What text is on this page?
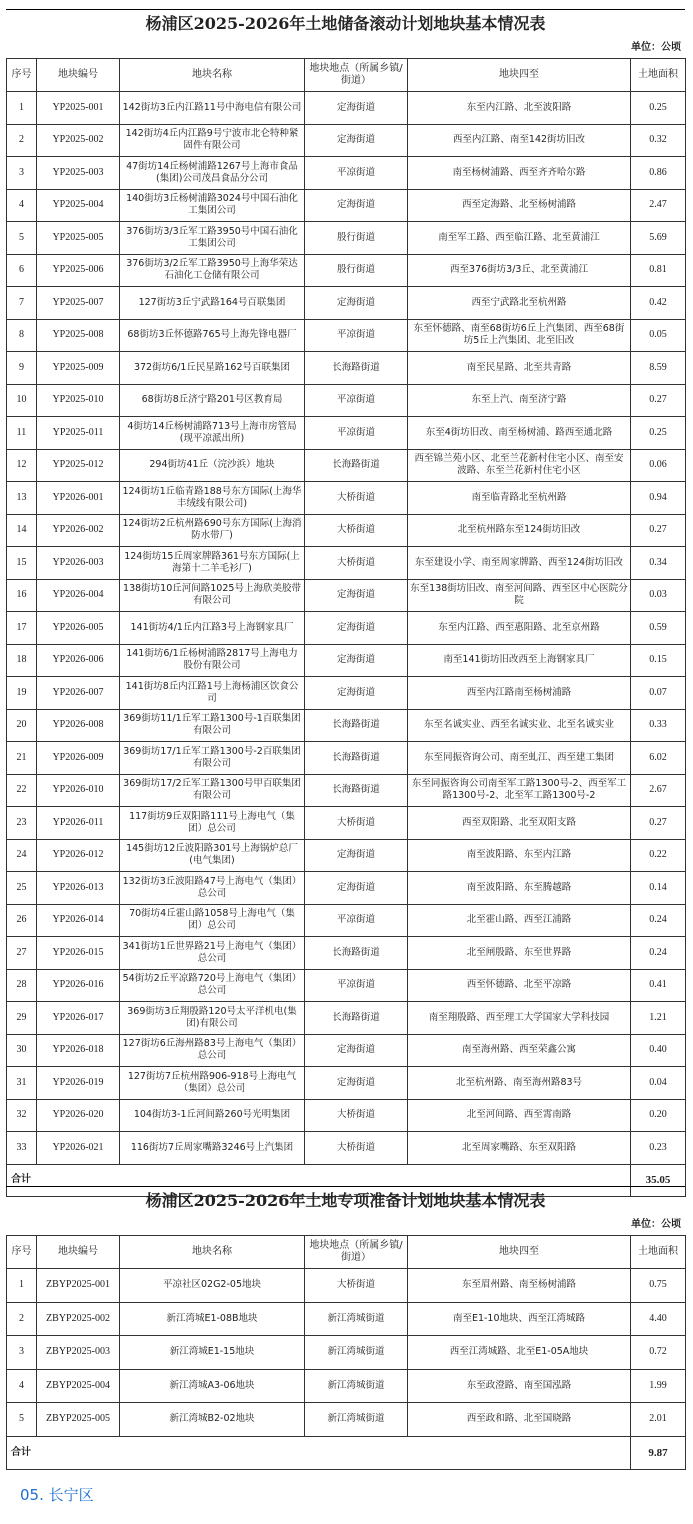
杨浦区2025-2026年土地储备滚动计划地块基本情况表
单位：公顷
序号	地块编号	地块名称	地块地点（所属乡镇/街道）	地块四至	土地面积
1	YP2025-001	142街坊3丘内江路11号中海电信有限公司	定海街道	东至内江路、北至波阳路	0.25
2	YP2025-002	142街坊4丘内江路9号宁波市北仑特种紧固件有限公司	定海街道	西至内江路、南至142街坊旧改	0.32
3	YP2025-003	47街坊14丘杨树浦路1267号上海市食品(集团)公司茂昌食品分公司	平凉街道	南至杨树浦路、西至齐齐哈尔路	0.86
4	YP2025-004	140街坊3丘杨树浦路3024号中国石油化工集团公司	定海街道	西至定海路、北至杨树浦路	2.47
5	YP2025-005	376街坊3/3丘军工路3950号中国石油化工集团公司	殷行街道	南至军工路、西至临江路、北至黄浦江	5.69
6	YP2025-006	376街坊3/2丘军工路3950号上海华荣达石油化工仓储有限公司	殷行街道	西至376街坊3/3丘、北至黄浦江	0.81
7	YP2025-007	127街坊3丘宁武路164号百联集团	定海街道	西至宁武路北至杭州路	0.42
8	YP2025-008	68街坊3丘怀德路765号上海先锋电器厂	平凉街道	东至怀德路、南至68街坊6丘上汽集团、西至68街坊5丘上汽集团、北至旧改	0.05
9	YP2025-009	372街坊6/1丘民星路162号百联集团	长海路街道	南至民星路、北至共青路	8.59
10	YP2025-010	68街坊8丘济宁路201号区教育局	平凉街道	东至上汽、南至济宁路	0.27
11	YP2025-011	4街坊14丘杨树浦路713号上海市房管局(现平凉派出所)	平凉街道	东至4街坊旧改、南至杨树浦、路西至通北路	0.25
12	YP2025-012	294街坊41丘（浣沙浜）地块	长海路街道	西至锦兰苑小区、北至兰花新村住宅小区、南至安波路、东至兰花新村住宅小区	0.06
13	YP2026-001	124街坊1丘临青路188号东方国际(上海华丰绒线有限公司)	大桥街道	南至临青路北至杭州路	0.94
14	YP2026-002	124街坊2丘杭州路690号东方国际(上海消防水带厂)	大桥街道	北至杭州路东至124街坊旧改	0.27
15	YP2026-003	124街坊15丘周家牌路361号东方国际(上海第十二羊毛衫厂)	大桥街道	东至建设小学、南至周家牌路、西至124街坊旧改	0.34
16	YP2026-004	138街坊10丘河间路1025号上海欣美胶带有限公司	定海街道	东至138街坊旧改、南至河间路、西至区中心医院分院	0.03
17	YP2026-005	141街坊4/1丘内江路3号上海钢家具厂	定海街道	东至内江路、西至惠阳路、北至京州路	0.59
18	YP2026-006	141街坊6/1丘杨树浦路2817号上海电力股份有限公司	定海街道	南至141街坊旧改西至上海钢家具厂	0.15
19	YP2026-007	141街坊8丘内江路1号上海杨浦区饮食公司	定海街道	西至内江路南至杨树浦路	0.07
20	YP2026-008	369街坊11/1丘军工路1300号-1百联集团有限公司	长海路街道	东至名诚实业、西至名诚实业、北至名诚实业	0.33
21	YP2026-009	369街坊17/1丘军工路1300号-2百联集团有限公司	长海路街道	东至同振咨询公司、南至虬江、西至建工集团	6.02
22	YP2026-010	369街坊17/2丘军工路1300号甲百联集团有限公司	长海路街道	东至同振咨询公司南至军工路1300号-2、西至军工路1300号-2、北至军工路1300号-2	2.67
23	YP2026-011	117街坊9丘双阳路111号上海电气（集团）总公司	大桥街道	西至双阳路、北至双阳支路	0.27
24	YP2026-012	145街坊12丘波阳路301号上海锅炉总厂(电气集团)	定海街道	南至波阳路、东至内江路	0.22
25	YP2026-013	132街坊3丘波阳路47号上海电气（集团）总公司	定海街道	南至波阳路、东至腾越路	0.14
26	YP2026-014	70街坊4丘霍山路1058号上海电气（集团）总公司	平凉街道	北至霍山路、西至江浦路	0.24
27	YP2026-015	341街坊1丘世界路21号上海电气（集团）总公司	长海路街道	北至闸殷路、东至世界路	0.24
28	YP2026-016	54街坊2丘平凉路720号上海电气（集团）总公司	平凉街道	西至怀德路、北至平凉路	0.41
29	YP2026-017	369街坊3丘翔殷路120号太平洋机电(集团)有限公司	长海路街道	南至翔殷路、西至理工大学国家大学科技园	1.21
30	YP2026-018	127街坊6丘海州路83号上海电气（集团）总公司	定海街道	南至海州路、西至荣鑫公寓	0.40
31	YP2026-019	127街坊7丘杭州路906-918号上海电气（集团）总公司	定海街道	北至杭州路、南至海州路83号	0.04
32	YP2026-020	104街坊3-1丘河间路260号光明集团	大桥街道	北至河间路、西至霄南路	0.20
33	YP2026-021	116街坊7丘周家嘴路3246号上汽集团	大桥街道	北至周家嘴路、东至双阳路	0.23
合计					35.05
杨浦区2025-2026年土地专项准备计划地块基本情况表
单位：公顷
序号	地块编号	地块名称	地块地点（所属乡镇/街道）	地块四至	土地面积
1	ZBYP2025-001	平凉社区02G2-05地块	大桥街道	东至眉州路、南至杨树浦路	0.75
2	ZBYP2025-002	新江湾城E1-08B地块	新江湾城街道	南至E1-10地块、西至江湾城路	4.40
3	ZBYP2025-003	新江湾城E1-15地块	新江湾城街道	西至江湾城路、北至E1-05A地块	0.72
4	ZBYP2025-004	新江湾城A3-06地块	新江湾城街道	东至政澄路、南至国泓路	1.99
5	ZBYP2025-005	新江湾城B2-02地块	新江湾城街道	西至政和路、北至国晓路	2.01
合计					9.87
05. 长宁区
